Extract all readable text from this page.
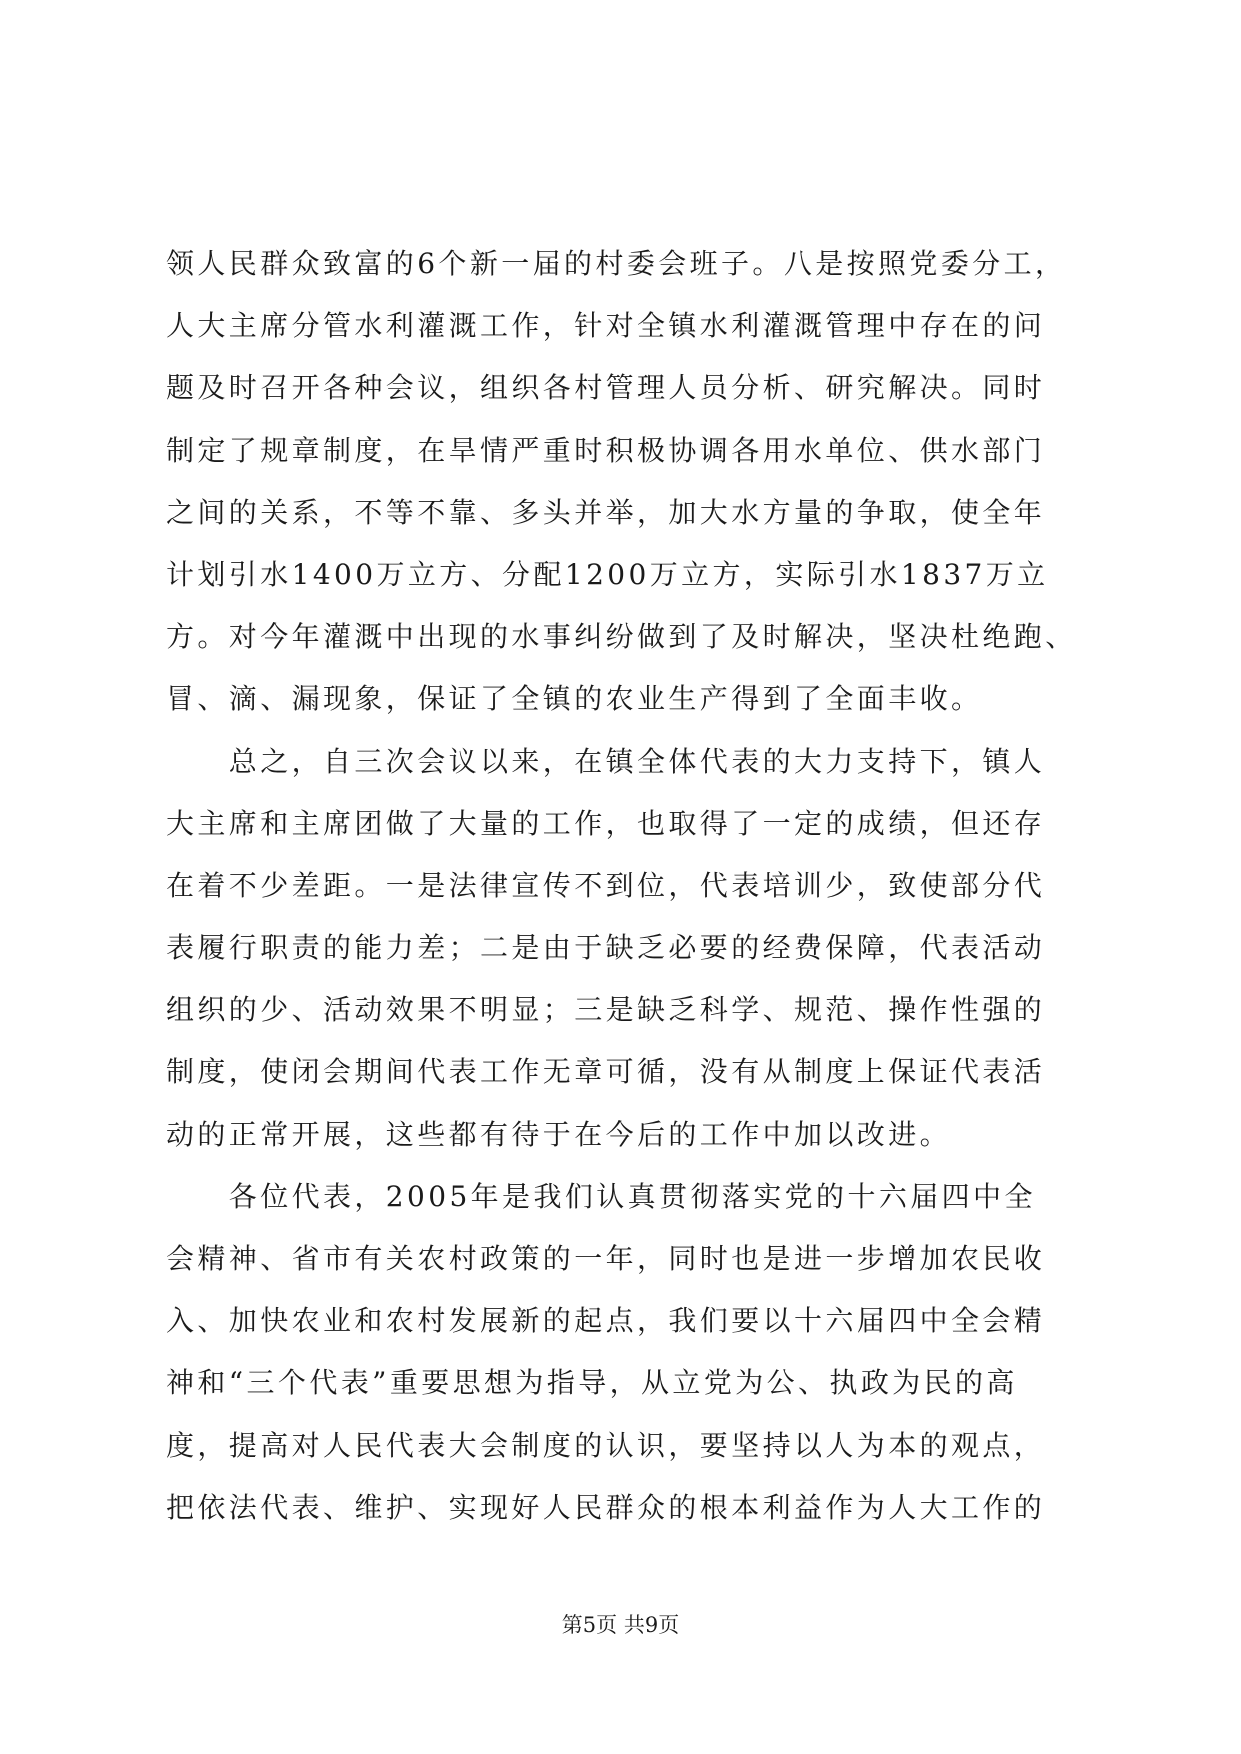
领人民群众致富的6个新一届的村委会班子。八是按照党委分工，
人大主席分管水利灌溉工作，针对全镇水利灌溉管理中存在的问
题及时召开各种会议，组织各村管理人员分析、研究解决。同时
制定了规章制度，在旱情严重时积极协调各用水单位、供水部门
之间的关系，不等不靠、多头并举，加大水方量的争取，使全年
计划引水1400万立方、分配1200万立方，实际引水1837万立
方。对今年灌溉中出现的水事纠纷做到了及时解决，坚决杜绝跑、
冒、滴、漏现象，保证了全镇的农业生产得到了全面丰收。
　　总之，自三次会议以来，在镇全体代表的大力支持下，镇人
大主席和主席团做了大量的工作，也取得了一定的成绩，但还存
在着不少差距。一是法律宣传不到位，代表培训少，致使部分代
表履行职责的能力差；二是由于缺乏必要的经费保障，代表活动
组织的少、活动效果不明显；三是缺乏科学、规范、操作性强的
制度，使闭会期间代表工作无章可循，没有从制度上保证代表活
动的正常开展，这些都有待于在今后的工作中加以改进。
　　各位代表，2005年是我们认真贯彻落实党的十六届四中全
会精神、省市有关农村政策的一年，同时也是进一步增加农民收
入、加快农业和农村发展新的起点，我们要以十六届四中全会精
神和“三个代表”重要思想为指导，从立党为公、执政为民的高
度，提高对人民代表大会制度的认识，要坚持以人为本的观点，
把依法代表、维护、实现好人民群众的根本利益作为人大工作的
第5页 共9页
